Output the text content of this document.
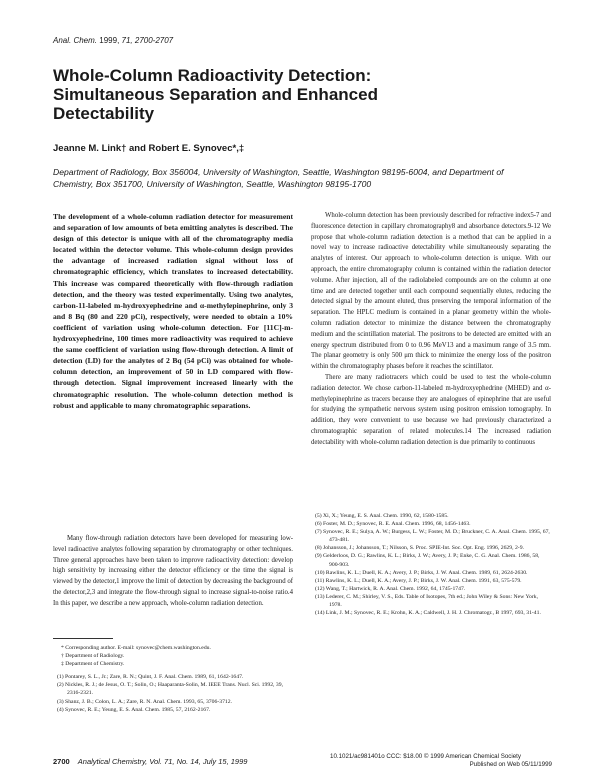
Anal. Chem. 1999, 71, 2700-2707
Whole-Column Radioactivity Detection:
Simultaneous Separation and Enhanced
Detectability
Jeanne M. Link† and Robert E. Synovec*,‡
Department of Radiology, Box 356004, University of Washington, Seattle, Washington 98195-6004, and Department of
Chemistry, Box 351700, University of Washington, Seattle, Washington 98195-1700
The development of a whole-column radiation detector for measurement and separation of low amounts of beta emitting analytes is described. The design of this detector is unique with all of the chromatography media located within the detector volume. This whole-column design provides the advantage of increased radiation signal without loss of chromatographic efficiency, which translates to increased detectability. This increase was compared theoretically with flow-through radiation detection, and the theory was tested experimentally. Using two analytes, carbon-11-labeled m-hydroxyephedrine and α-methylepinephrine, only 3 and 8 Bq (80 and 220 pCi), respectively, were needed to obtain a 10% coefficient of variation using whole-column detection. For [11C]-m-hydroxyephedrine, 100 times more radioactivity was required to achieve the same coefficient of variation using flow-through detection. A limit of detection (LD) for the analytes of 2 Bq (54 pCi) was obtained for whole-column detection, an improvement of 50 in LD compared with flow-through detection. Signal improvement increased linearly with the chromatographic resolution. The whole-column detection method is robust and applicable to many chromatographic separations.
Many flow-through radiation detectors have been developed for measuring low-level radioactive analytes following separation by chromatography or other techniques. Three general approaches have been taken to improve radioactivity detection: develop high sensitivity by increasing either the detector efficiency or the time the signal is viewed by the detector,1 improve the limit of detection by decreasing the background of the detector,2,3 and integrate the flow-through signal to increase signal-to-noise ratio.4 In this paper, we describe a new approach, whole-column radiation detection.
* Corresponding author. E-mail: synovec@chem.washington.edu.
† Department of Radiology.
‡ Department of Chemistry.
(1) Pontarey, S. L., Jr.; Zare, R. N.; Quint, J. F. Anal. Chem. 1989, 61, 1642-1647.
(2) Nickles, R. J.; de Jesus, O. T.; Solin, O.; Haaparanta-Solin, M. IEEE Trans. Nucl. Sci. 1992, 39, 2316-2321.
(3) Shanz, J. B.; Colon, L. A.; Zare, R. N. Anal. Chem. 1993, 65, 3706-3712.
(4) Synovec, R. E.; Yeung, E. S. Anal. Chem. 1985, 57, 2162-2167.
Whole-column detection has been previously described for refractive index5-7 and fluorescence detection in capillary chromatography8 and absorbance detectors.9-12 We propose that whole-column radiation detection is a method that can be applied in a novel way to increase radioactive detectability while simultaneously separating the analytes of interest. Our approach to whole-column detection is unique. With our approach, the entire chromatography column is contained within the radiation detector volume. After injection, all of the radiolabeled compounds are on the column at one time and are detected together until each compound sequentially elutes, reducing the detected signal by the amount eluted, thus preserving the temporal information of the separation. The HPLC medium is contained in a planar geometry within the whole-column radiation detector to minimize the distance between the chromatography medium and the scintillation material. The positrons to be detected are emitted with an energy spectrum distributed from 0 to 0.96 MeV13 and a maximum range of 3.5 mm. The planar geometry is only 500 μm thick to minimize the energy loss of the positron within the chromatography phases before it reaches the scintillator.
There are many radiotracers which could be used to test the whole-column radiation detector. We chose carbon-11-labeled m-hydroxyephedrine (MHED) and α-methylepinephrine as tracers because they are analogues of epinephrine that are useful for studying the sympathetic nervous system using positron emission tomography. In addition, they were convenient to use because we had previously characterized a chromatographic separation of related molecules.14 The increased radiation detectability with whole-column radiation detection is due primarily to continuous
(5) Xi, X.; Yeung, E. S. Anal. Chem. 1990, 62, 1580-1585.
(6) Foster, M. D.; Synovec, R. E. Anal. Chem. 1996, 68, 1456-1463.
(7) Synovec, R. E.; Sulya, A. W.; Burgess, L. W.; Foster, M. D.; Bruckner, C. A. Anal. Chem. 1995, 67, 473-481.
(8) Johansson, J.; Johansson, T.; Nilsson, S. Proc. SPIE-Int. Soc. Opt. Eng. 1996, 2629, 2-9.
(9) Gelderloos, D. G.; Rawlins, K. L.; Birks, J. W.; Avery, J. P.; Enke, C. G. Anal. Chem. 1986, 58, 900-903.
(10) Rawlins, K. L.; Duell, K. A.; Avery, J. P.; Birks, J. W. Anal. Chem. 1989, 61, 2624-2630.
(11) Rawlins, K. L.; Duell, K. A.; Avery, J. P.; Birks, J. W. Anal. Chem. 1991, 63, 575-579.
(12) Wang, T.; Hartwick, R. A. Anal. Chem. 1992, 64, 1745-1747.
(13) Lederer, C. M.; Shirley, V. S., Eds. Table of Isotopes, 7th ed.; John Wiley & Sons: New York, 1978.
(14) Link, J. M.; Synovec, R. E.; Krohn, K. A.; Caldwell, J. H. J. Chromatogr., B 1997, 693, 31-41.
2700 Analytical Chemistry, Vol. 71, No. 14, July 15, 1999
10.1021/ac981401o CCC: $18.00 © 1999 American Chemical Society
Published on Web 05/11/1999
